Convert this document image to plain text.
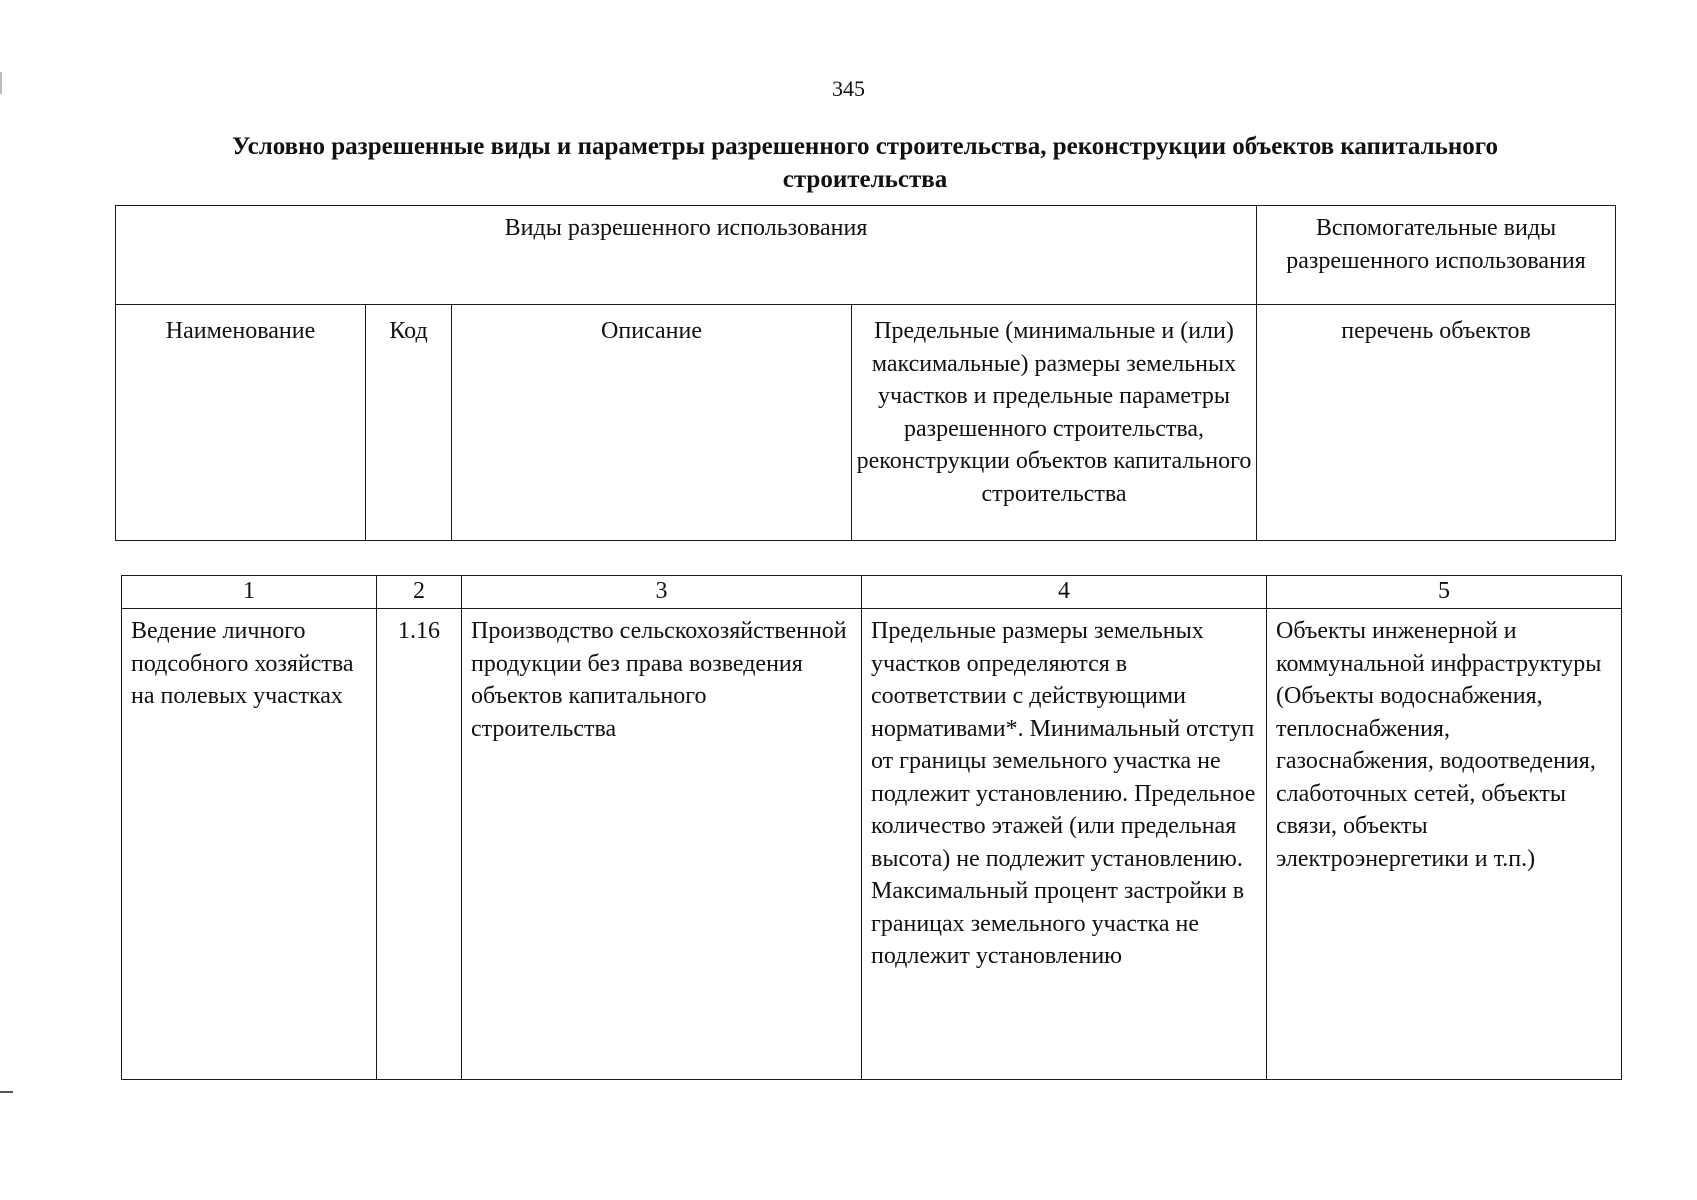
345
Условно разрешенные виды и параметры разрешенного строительства, реконструкции объектов капитального строительства
Виды разрешенного использования				Вспомогательные виды разрешенного использования
Наименование	Код	Описание	Предельные (минимальные и (или) максимальные) размеры земельных участков и предельные параметры разрешенного строительства, реконструкции объектов капитального строительства	перечень объектов
1	2	3	4	5
Ведение личного подсобного хозяйства на полевых участках	1.16	Производство сельскохозяйственной продукции без права возведения объектов капитального строительства	Предельные размеры земельных участков определяются в соответствии с действующими нормативами*. Минимальный отступ от границы земельного участка не подлежит установлению. Предельное количество этажей (или предельная высота) не подлежит установлению. Максимальный процент застройки в границах земельного участка не подлежит установлению	Объекты инженерной и коммунальной инфраструктуры (Объекты водоснабжения, теплоснабжения, газоснабжения, водоотведения, слаботочных сетей, объекты связи, объекты электроэнергетики и т.п.)
